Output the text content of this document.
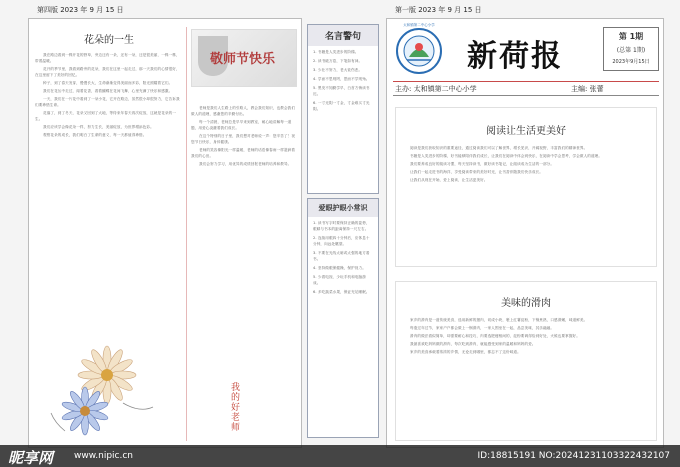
第四版 2023 年 9 月 15 日
花朵的一生

我在路边看到一株开花的野草，旁边还有一朵，还有一朵，还是很美丽，一株一株，带着温暖。

花开的季节里，我看到路旁的花朵，我们在这里一起走过，那一天我们的心情很好，在这里留下了美好的回忆。

种子，到了春天发芽，慢慢长大，生命渐渐变得美丽而多彩，阳光照耀着它们。

我们在花丛中走过，闻着花香，看着蝴蝶在花间飞舞，心里充满了快乐和感激。

一天，我们在一片花中看到了一朵小花，它开在路边，虽然很小却很努力，它告诉我们要珍惜生命。

花落了，到了冬天，花朵又回到了大地，等待来年春天再次绽放，这就是花朵的一生。

我们应该学会像花朵一样，努力生长，美丽绽放，为世界增添色彩。

观察花朵的成长，我们明白了生命的意义，每一天都值得珍惜。

敬师节快乐

老师是我们人生路上的引路人，教会我们知识，也教会我们做人的道理，感谢您的辛勤付出。

每一个清晨，老师总是早早来到教室，耐心地讲解每一道题，用爱心浇灌着我们成长。

在这个特别的日子里，我们想对老师说一声：您辛苦了！祝您节日快乐，身体健康。

老师的笑容像阳光一样温暖，老师的话语像春雨一样滋润着我们的心田。

我们会努力学习，用优异的成绩回报老师的培养和教导。

我的好老师
名言警句

1. 书籍是人类进步的阶梯。

2. 读书破万卷，下笔如有神。

3. 少壮不努力，老大徒伤悲。

4. 学而不思则罔，思而不学则殆。

5. 黑发不知勤学早，白首方悔读书迟。

6. 一寸光阴一寸金，寸金难买寸光阴。

爱眼护眼小常识

1. 读书写字时要保持正确的姿势，眼睛与书本的距离保持一尺左右。

2. 连续用眼四十分钟后，应休息十分钟，向远处眺望。

3. 不要在光线太暗或太强的地方看书。

4. 坚持做眼保健操，保护视力。

5. 少看电视、少玩手机和电脑游戏。

6. 多吃蔬菜水果，保证充足睡眠。

第一版 2023 年 9 月 15 日
太和镇第二中心小学
新荷报
第 1期
(总第 1期)
2023年9月15日
主办: 太和镇第二中心小学	主编: 张蕾
阅读让生活更美好

阅读是我们获取知识的重要途径，通过阅读我们可以了解世界，增长见识，开阔视野，丰富我们的精神世界。

书籍是人类进步的阶梯，好书能够陪伴我们成长，让我们在阅读中体会到快乐，在阅读中学会思考，学会做人的道理。

我们要养成良好的阅读习惯，每天坚持读书，做好读书笔记，让阅读成为生活的一部分。

让我们一起走进书的海洋，享受阅读带来的美好时光，让书香伴随我们快乐成长。

让我们从现在开始，爱上阅读，让生活更美好。

美味的滑肉

家乡的滑肉是一道传统美食，选用新鲜的猪肉，切成小块，裹上红薯淀粉，下锅煮熟，口感滑嫩，味道鲜美。

每逢过年过节，家家户户都会做上一锅滑肉，一家人围坐在一起，品尝美味，其乐融融。

滑肉的做法看似简单，却需要耐心和技巧，肉要选肥瘦相间的，淀粉要调得恰到好处，火候也要掌握好。

我最喜欢吃妈妈做的滑肉，每次吃到滑肉，就能感受到家的温暖和妈妈的爱。

家乡的美食承载着浓浓的乡情，无论走到哪里，都忘不了这份味道。

昵享网 www.nipic.cn	ID:18815191 NO:20241231103322432107
